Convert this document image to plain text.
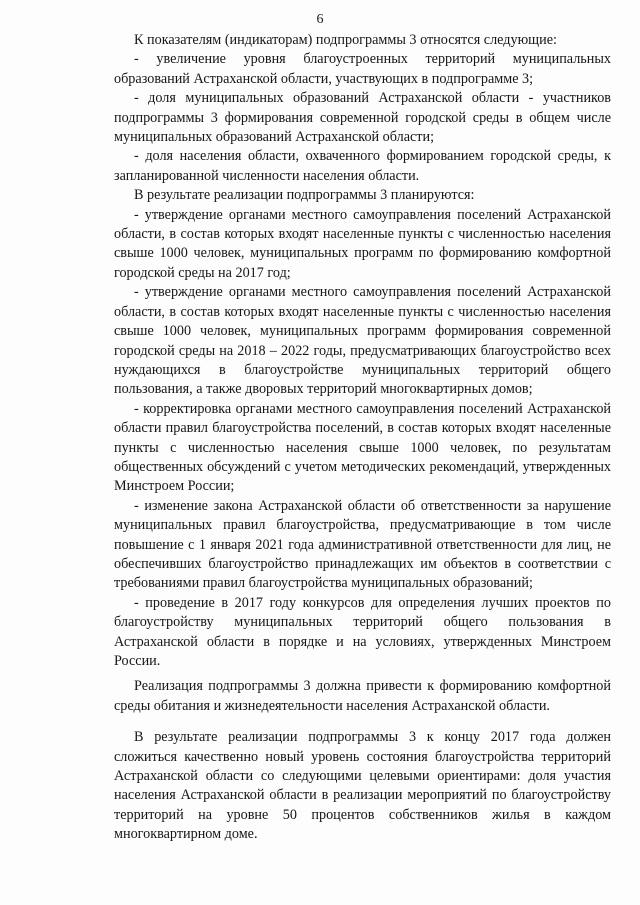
6

К показателям (индикаторам) подпрограммы 3 относятся следующие:

- увеличение уровня благоустроенных территорий муниципальных образований Астраханской области, участвующих в подпрограмме 3;

- доля муниципальных образований Астраханской области - участников подпрограммы 3 формирования современной городской среды в общем числе муниципальных образований Астраханской области;

- доля населения области, охваченного формированием городской среды, к запланированной численности населения области.

В результате реализации подпрограммы 3 планируются:

- утверждение органами местного самоуправления поселений Астраханской области, в состав которых входят населенные пункты с численностью населения свыше 1000 человек, муниципальных программ по формированию комфортной городской среды на 2017 год;

- утверждение органами местного самоуправления поселений Астраханской области, в состав которых входят населенные пункты с численностью населения свыше 1000 человек, муниципальных программ формирования современной городской среды на 2018 – 2022 годы, предусматривающих благоустройство всех нуждающихся в благоустройстве муниципальных территорий общего пользования, а также дворовых территорий многоквартирных домов;

- корректировка органами местного самоуправления поселений Астраханской области правил благоустройства поселений, в состав которых входят населенные пункты с численностью населения свыше 1000 человек, по результатам общественных обсуждений с учетом методических рекомендаций, утвержденных Минстроем России;

- изменение закона Астраханской области об ответственности за нарушение муниципальных правил благоустройства, предусматривающие в том числе повышение с 1 января 2021 года административной ответственности для лиц, не обеспечивших благоустройство принадлежащих им объектов в соответствии с требованиями правил благоустройства муниципальных образований;

- проведение в 2017 году конкурсов для определения лучших проектов по благоустройству муниципальных территорий общего пользования в Астраханской области в порядке и на условиях, утвержденных Минстроем России.

Реализация подпрограммы 3 должна привести к формированию комфортной среды обитания и жизнедеятельности населения Астраханской области.

В результате реализации подпрограммы 3 к концу 2017 года должен сложиться качественно новый уровень состояния благоустройства территорий Астраханской области со следующими целевыми ориентирами: доля участия населения Астраханской области в реализации мероприятий по благоустройству территорий на уровне 50 процентов собственников жилья в каждом многоквартирном доме.
